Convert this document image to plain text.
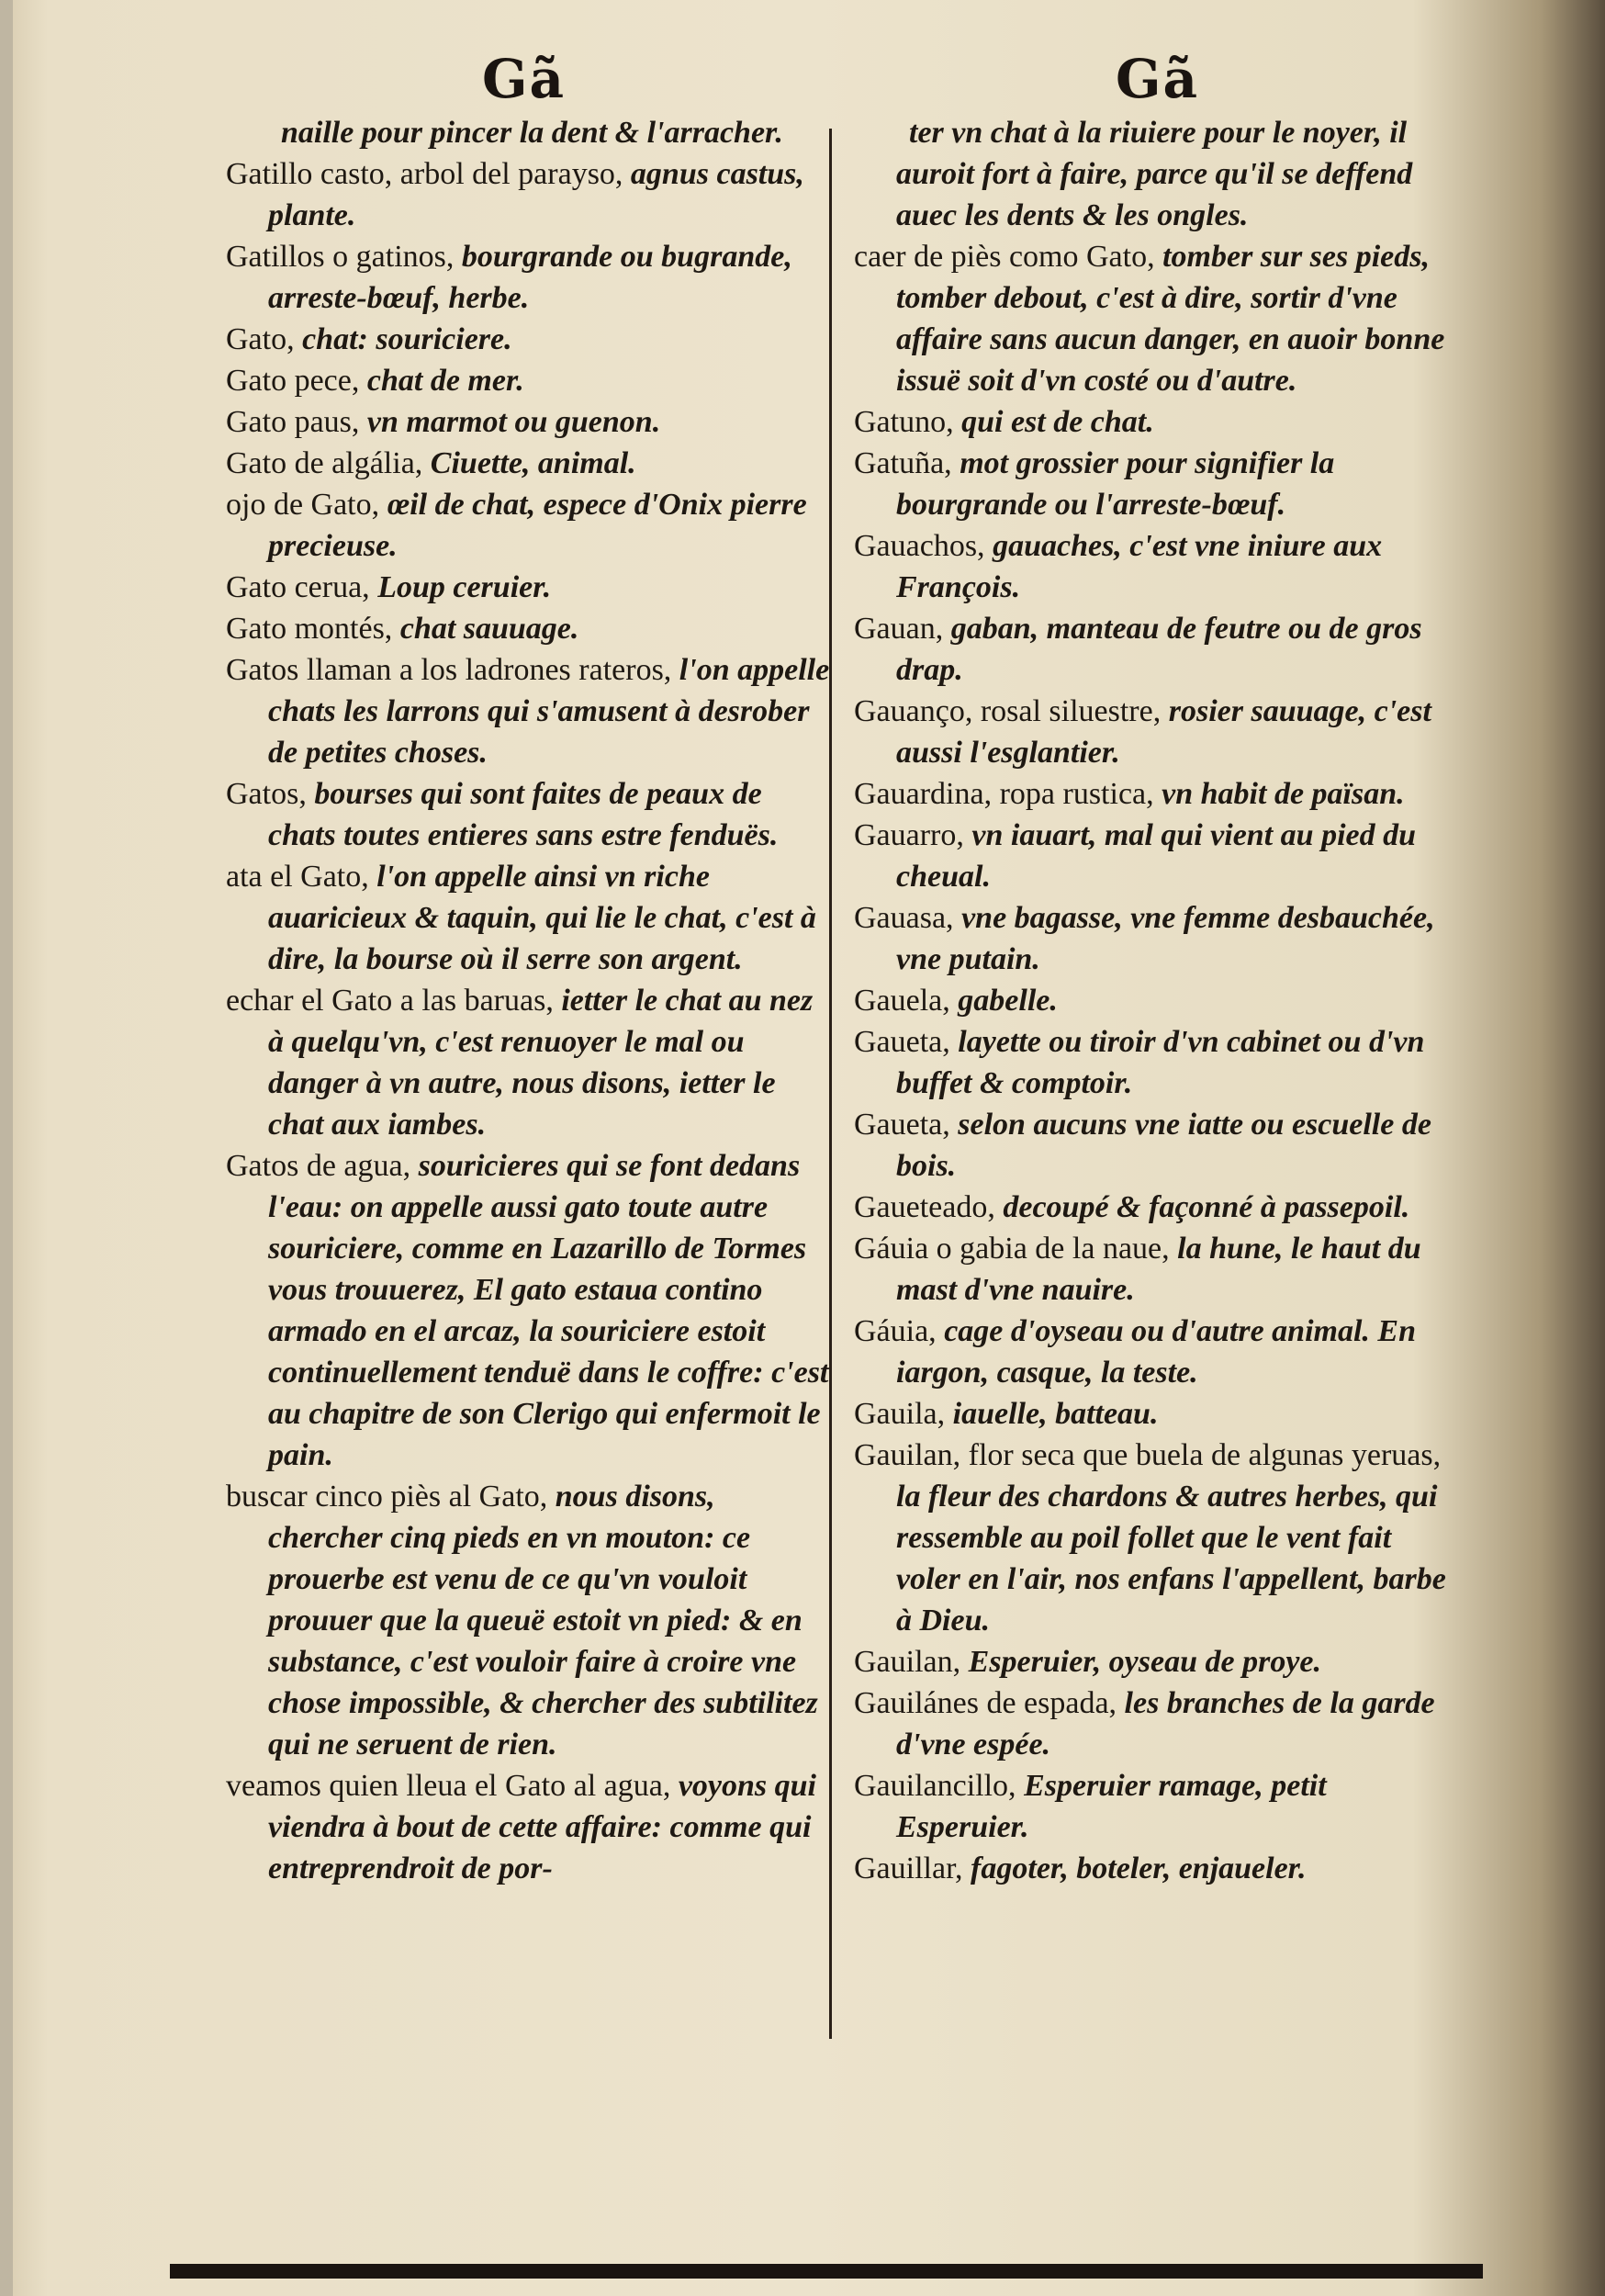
Gã	Gã
naille pour pincer la dent & l'arracher.
Gatillo casto, arbol del parayso, agnus castus, plante.
Gatillos o gatinos, bourgrande ou bugrande, arreste-bœuf, herbe.
Gato, chat: souriciere.
Gato pece, chat de mer.
Gato paus, vn marmot ou guenon.
Gato de algália, Ciuette, animal.
ojo de Gato, œil de chat, espece d'Onix pierre precieuse.
Gato cerua, Loup ceruier.
Gato montés, chat sauuage.
Gatos llaman a los ladrones rateros, l'on appelle chats les larrons qui s'amusent à desrober de petites choses.
Gatos, bourses qui sont faites de peaux de chats toutes entieres sans estre fenduës.
ata el Gato, l'on appelle ainsi vn riche auaricieux & taquin, qui lie le chat, c'est à dire, la bourse où il serre son argent.
echar el Gato a las baruas, ietter le chat au nez à quelqu'vn, c'est renuoyer le mal ou danger à vn autre, nous disons, ietter le chat aux iambes.
Gatos de agua, souricieres qui se font dedans l'eau: on appelle aussi gato toute autre souriciere, comme en Lazarillo de Tormes vous trouuerez, El gato estaua contino armado en el arcaz, la souriciere estoit continuellement tenduë dans le coffre: c'est au chapitre de son Clerigo qui enfermoit le pain.
buscar cinco piès al Gato, nous disons, chercher cinq pieds en vn mouton: ce prouerbe est venu de ce qu'vn vouloit prouuer que la queuë estoit vn pied: & en substance, c'est vouloir faire à croire vne chose impossible, & chercher des subtilitez qui ne seruent de rien.
veamos quien lleua el Gato al agua, voyons qui viendra à bout de cette affaire: comme qui entreprendroit de por-
ter vn chat à la riuiere pour le noyer, il auroit fort à faire, parce qu'il se deffend auec les dents & les ongles.
caer de piès como Gato, tomber sur ses pieds, tomber debout, c'est à dire, sortir d'vne affaire sans aucun danger, en auoir bonne issuë soit d'vn costé ou d'autre.
Gatuno, qui est de chat.
Gatuña, mot grossier pour signifier la bourgrande ou l'arreste-bœuf.
Gauachos, gauaches, c'est vne iniure aux François.
Gauan, gaban, manteau de feutre ou de gros drap.
Gauanço, rosal siluestre, rosier sauuage, c'est aussi l'esglantier.
Gauardina, ropa rustica, vn habit de païsan.
Gauarro, vn iauart, mal qui vient au pied du cheual.
Gauasa, vne bagasse, vne femme desbauchée, vne putain.
Gauela, gabelle.
Gaueta, layette ou tiroir d'vn cabinet ou d'vn buffet & comptoir.
Gaueta, selon aucuns vne iatte ou escuelle de bois.
Gaueteado, decoupé & façonné à passepoil.
Gáuia o gabia de la naue, la hune, le haut du mast d'vne nauire.
Gáuia, cage d'oyseau ou d'autre animal. En iargon, casque, la teste.
Gauila, iauelle, batteau.
Gauilan, flor seca que buela de algunas yeruas, la fleur des chardons & autres herbes, qui ressemble au poil follet que le vent fait voler en l'air, nos enfans l'appellent, barbe à Dieu.
Gauilan, Esperuier, oyseau de proye.
Gauilánes de espada, les branches de la garde d'vne espée.
Gauilancillo, Esperuier ramage, petit Esperuier.
Gauillar, fagoter, boteler, enjaueler.
